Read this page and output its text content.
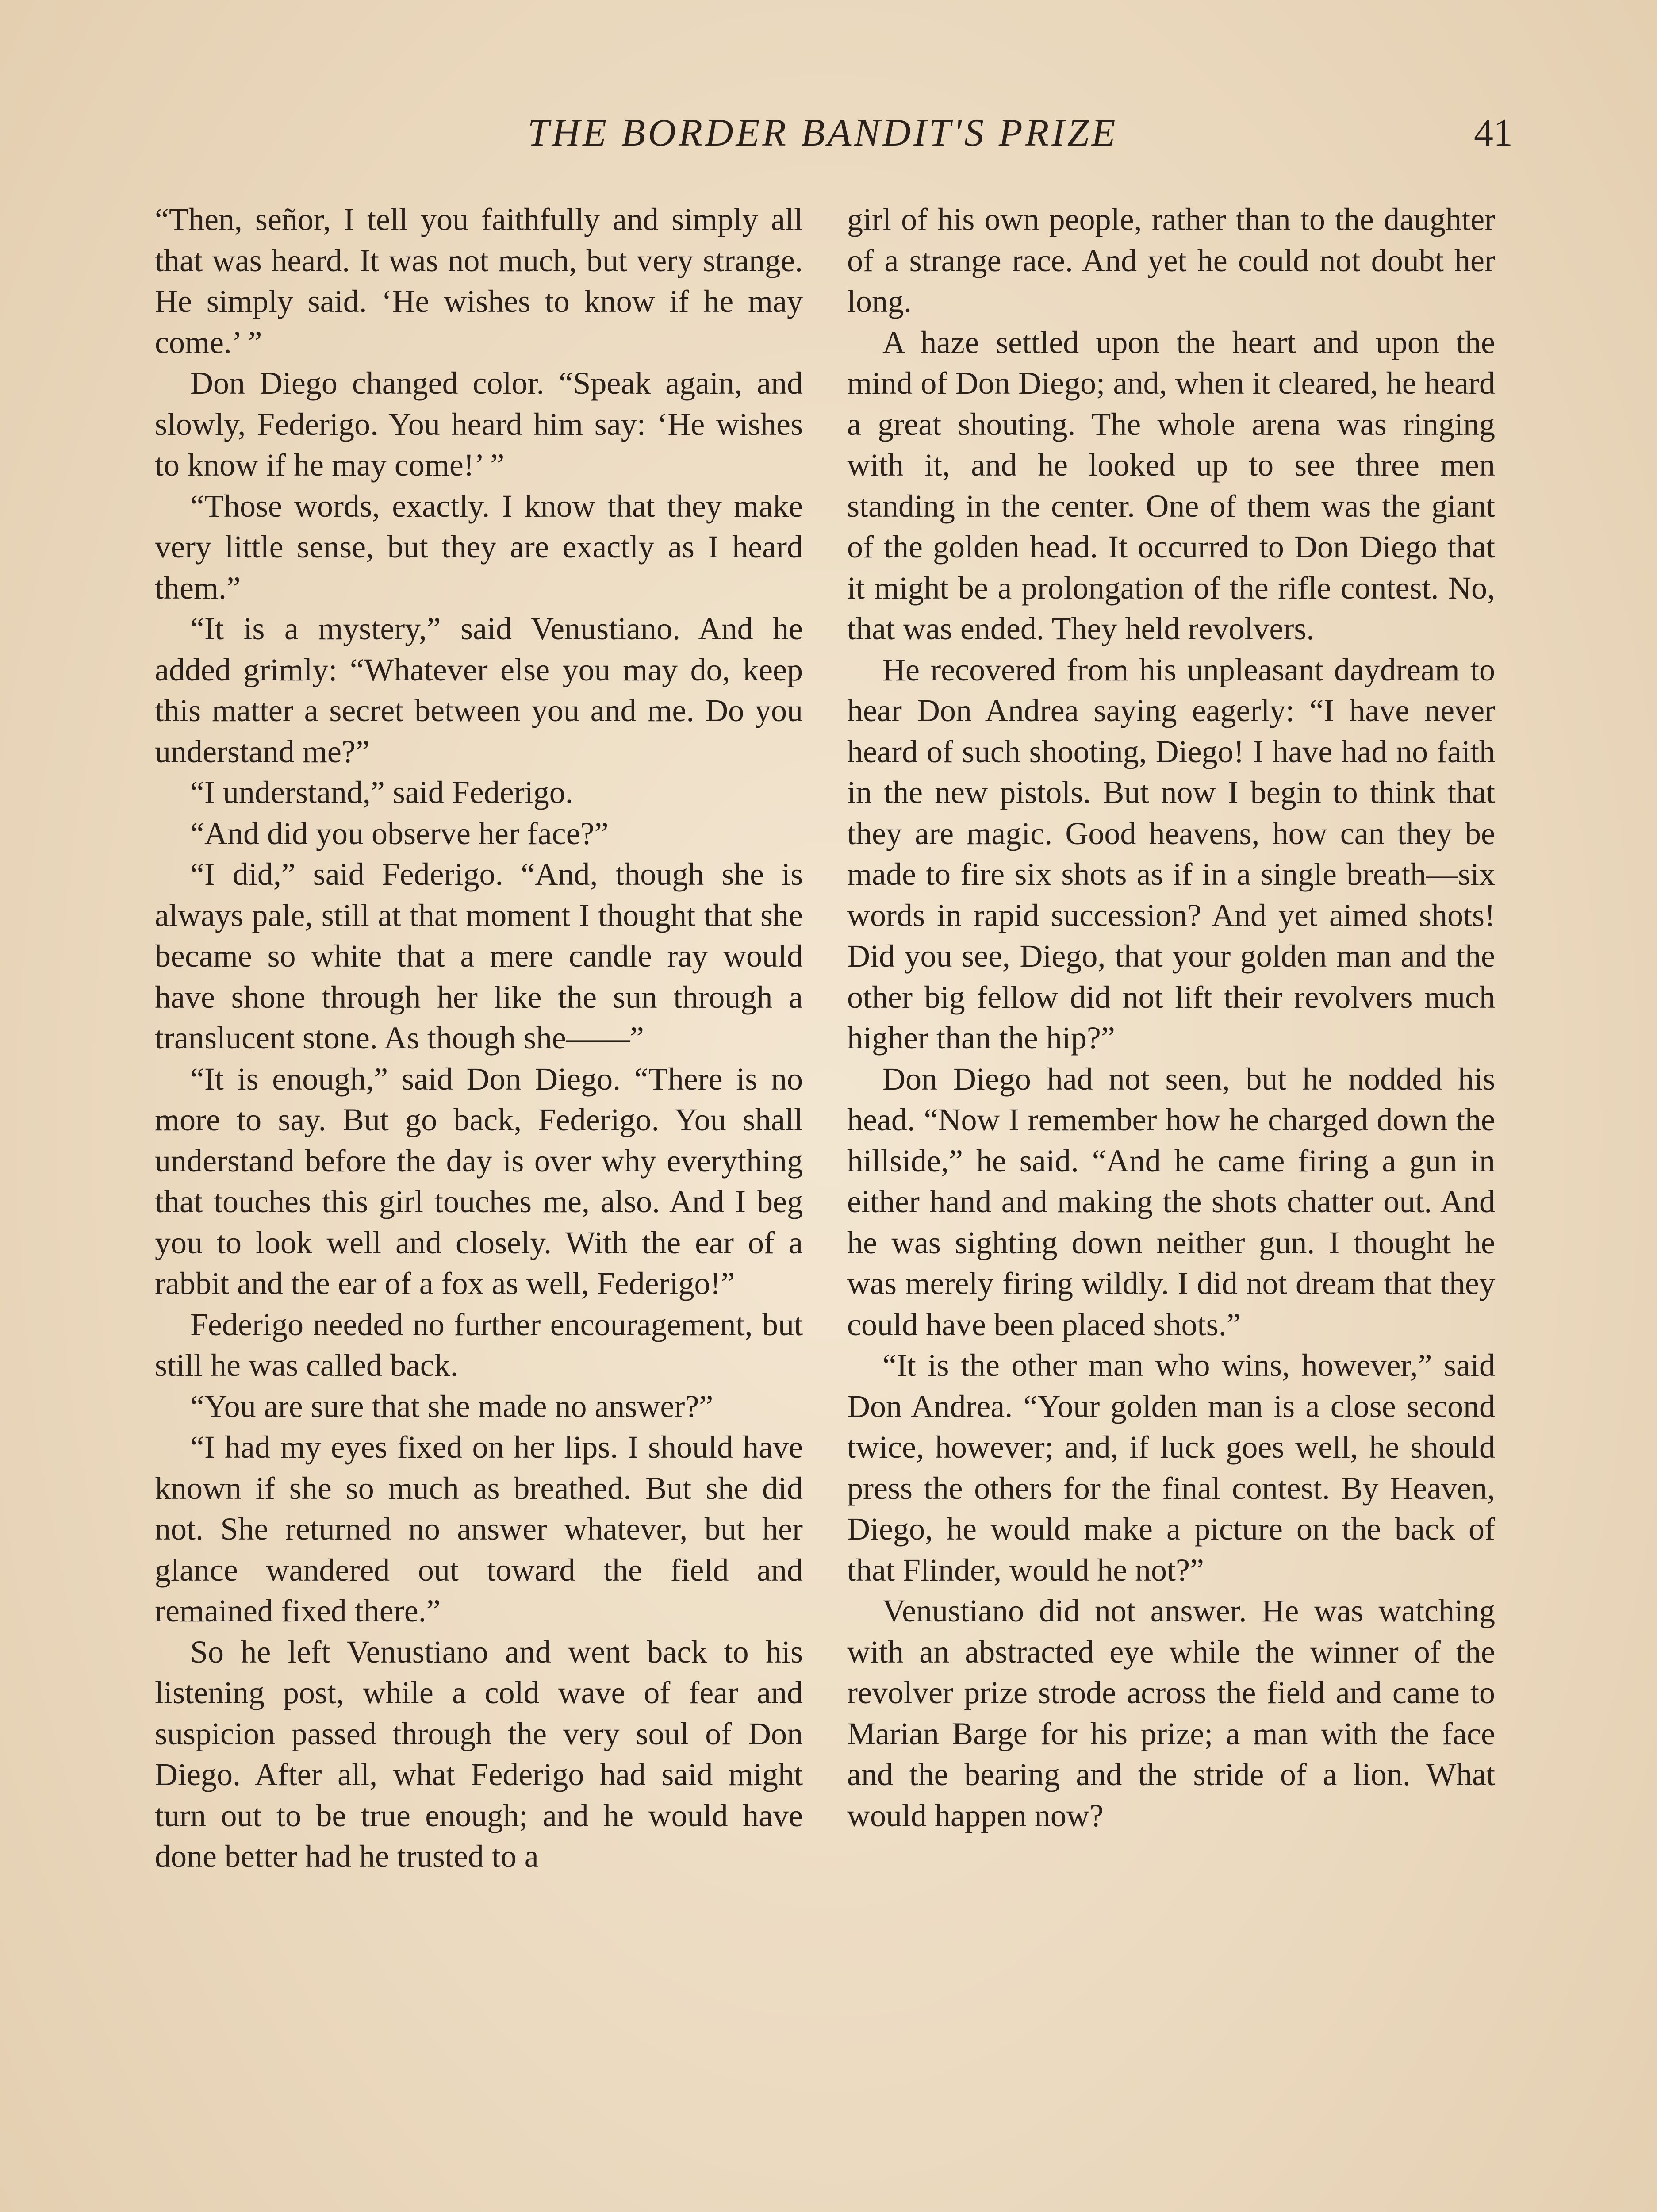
THE BORDER BANDIT'S PRIZE	41

“Then, señor, I tell you faithfully and simply all that was heard. It was not much, but very strange. He simply said. ‘He wishes to know if he may come.’ ”

Don Diego changed color. “Speak again, and slowly, Federigo. You heard him say: ‘He wishes to know if he may come!’ ”

“Those words, exactly. I know that they make very little sense, but they are exactly as I heard them.”

“It is a mystery,” said Venustiano. And he added grimly: “Whatever else you may do, keep this matter a secret between you and me. Do you understand me?”

“I understand,” said Federigo.

“And did you observe her face?”

“I did,” said Federigo. “And, though she is always pale, still at that moment I thought that she became so white that a mere candle ray would have shone through her like the sun through a translucent stone. As though she——”

“It is enough,” said Don Diego. “There is no more to say. But go back, Federigo. You shall understand before the day is over why everything that touches this girl touches me, also. And I beg you to look well and closely. With the ear of a rabbit and the ear of a fox as well, Federigo!”

Federigo needed no further encouragement, but still he was called back.

“You are sure that she made no answer?”

“I had my eyes fixed on her lips. I should have known if she so much as breathed. But she did not. She returned no answer whatever, but her glance wandered out toward the field and remained fixed there.”

So he left Venustiano and went back to his listening post, while a cold wave of fear and suspicion passed through the very soul of Don Diego. After all, what Federigo had said might turn out to be true enough; and he would have done better had he trusted to a

girl of his own people, rather than to the daughter of a strange race. And yet he could not doubt her long.

A haze settled upon the heart and upon the mind of Don Diego; and, when it cleared, he heard a great shouting. The whole arena was ringing with it, and he looked up to see three men standing in the center. One of them was the giant of the golden head. It occurred to Don Diego that it might be a prolongation of the rifle contest. No, that was ended. They held revolvers.

He recovered from his unpleasant daydream to hear Don Andrea saying eagerly: “I have never heard of such shooting, Diego! I have had no faith in the new pistols. But now I begin to think that they are magic. Good heavens, how can they be made to fire six shots as if in a single breath—six words in rapid succession? And yet aimed shots! Did you see, Diego, that your golden man and the other big fellow did not lift their revolvers much higher than the hip?”

Don Diego had not seen, but he nodded his head. “Now I remember how he charged down the hillside,” he said. “And he came firing a gun in either hand and making the shots chatter out. And he was sighting down neither gun. I thought he was merely firing wildly. I did not dream that they could have been placed shots.”

“It is the other man who wins, however,” said Don Andrea. “Your golden man is a close second twice, however; and, if luck goes well, he should press the others for the final contest. By Heaven, Diego, he would make a picture on the back of that Flinder, would he not?”

Venustiano did not answer. He was watching with an abstracted eye while the winner of the revolver prize strode across the field and came to Marian Barge for his prize; a man with the face and the bearing and the stride of a lion. What would happen now?
